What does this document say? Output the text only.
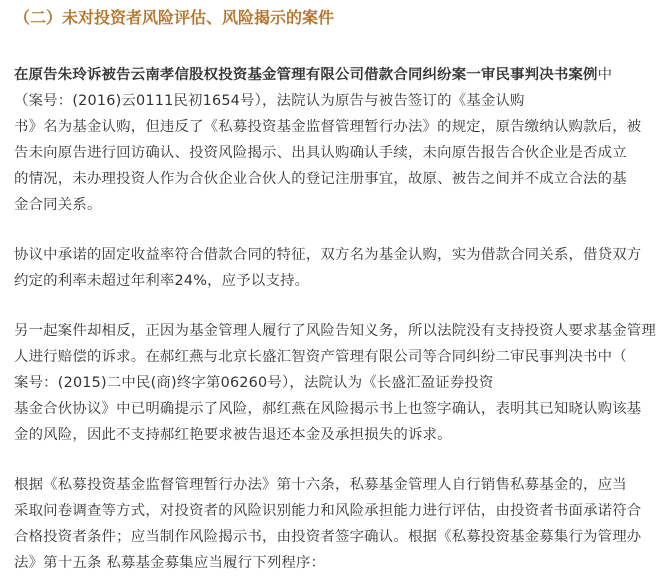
（二）未对投资者风险评估、风险揭示的案件

在原告朱玲诉被告云南孝信股权投资基金管理有限公司借款合同纠纷案一审民事判决书案例中
（案号：(2016)云0111民初1654号），法院认为原告与被告签订的《基金认购
书》名为基金认购，但违反了《私募投资基金监督管理暂行办法》的规定，原告缴纳认购款后，被
告未向原告进行回访确认、投资风险揭示、出具认购确认手续，未向原告报告合伙企业是否成立
的情况，未办理投资人作为合伙企业合伙人的登记注册事宜，故原、被告之间并不成立合法的基
金合同关系。

协议中承诺的固定收益率符合借款合同的特征，双方名为基金认购，实为借款合同关系，借贷双方
约定的利率未超过年利率24%，应予以支持。

另一起案件却相反，正因为基金管理人履行了风险告知义务，所以法院没有支持投资人要求基金管理
人进行赔偿的诉求。在郝红燕与北京长盛汇智资产管理有限公司等合同纠纷二审民事判决书中（
案号：(2015)二中民(商)终字第06260号），法院认为《长盛汇盈证券投资
基金合伙协议》中已明确提示了风险，郝红燕在风险揭示书上也签字确认，表明其已知晓认购该基
金的风险，因此不支持郝红艳要求被告退还本金及承担损失的诉求。

根据《私募投资基金监督管理暂行办法》第十六条，私募基金管理人自行销售私募基金的，应当
采取问卷调查等方式，对投资者的风险识别能力和风险承担能力进行评估，由投资者书面承诺符合
合格投资者条件；应当制作风险揭示书，由投资者签字确认。根据《私募投资基金募集行为管理办
法》第十五条 私募基金募集应当履行下列程序：
